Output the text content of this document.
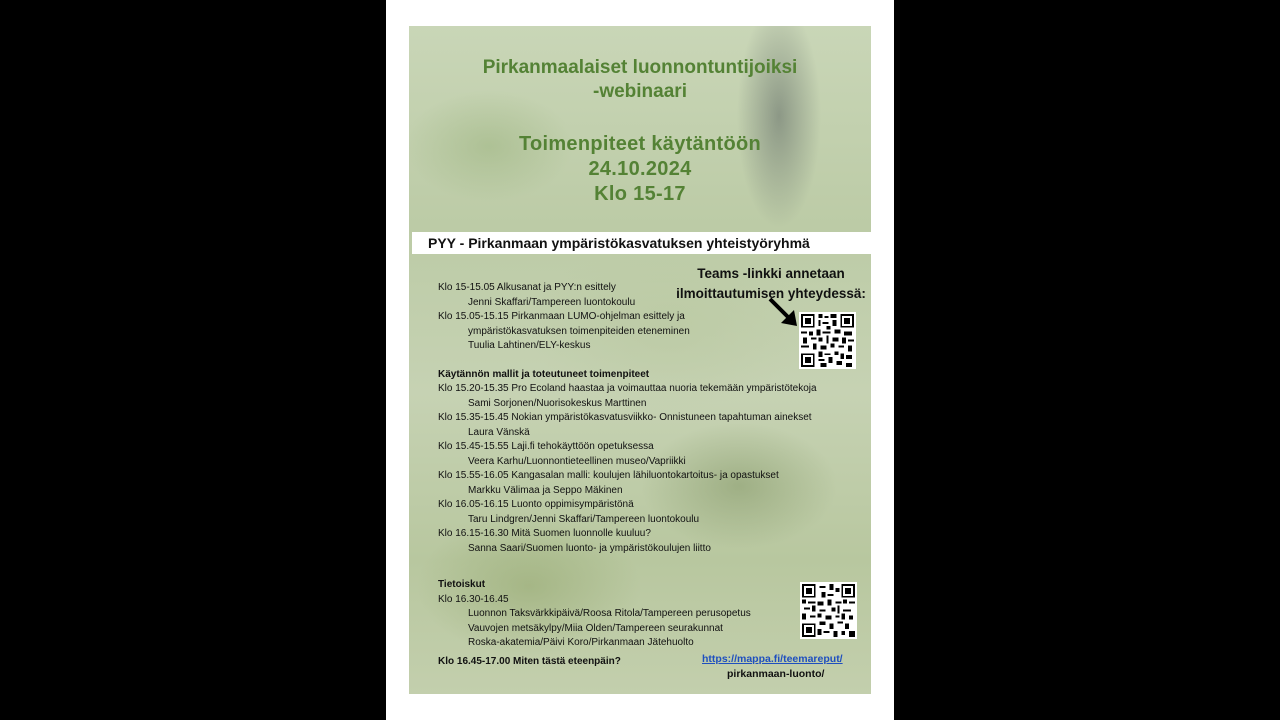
Pirkanmaalaiset luonnontuntijoiksi
-webinaari
Toimenpiteet käytäntöön
24.10.2024
Klo 15-17
PYY - Pirkanmaan ympäristökasvatuksen yhteistyöryhmä
Teams -linkki annetaan
ilmoittautumisen yhteydessä:
Klo 15-15.05 Alkusanat ja PYY:n esittely
Jenni Skaffari/Tampereen luontokoulu
Klo 15.05-15.15 Pirkanmaan LUMO-ohjelman esittely ja
ympäristökasvatuksen toimenpiteiden eteneminen
Tuulia Lahtinen/ELY-keskus
Käytännön mallit ja toteutuneet toimenpiteet
Klo 15.20-15.35 Pro Ecoland haastaa ja voimauttaa nuoria tekemään ympäristötekoja
Sami Sorjonen/Nuorisokeskus Marttinen
Klo 15.35-15.45 Nokian ympäristökasvatusviikko- Onnistuneen tapahtuman ainekset
Laura Vänskä
Klo 15.45-15.55 Laji.fi tehokäyttöön opetuksessa
Veera Karhu/Luonnontieteellinen museo/Vapriikki
Klo 15.55-16.05 Kangasalan malli: koulujen lähiluontokartoitus- ja opastukset
Markku Välimaa ja Seppo Mäkinen
Klo 16.05-16.15 Luonto oppimisympäristönä
Taru Lindgren/Jenni Skaffari/Tampereen luontokoulu
Klo 16.15-16.30 Mitä Suomen luonnolle kuuluu?
Sanna Saari/Suomen luonto- ja ympäristökoulujen liitto
Tietoiskut
Klo 16.30-16.45
Luonnon Taksvärkkipäivä/Roosa Ritola/Tampereen perusopetus
Vauvojen metsäkylpy/Miia Olden/Tampereen seurakunnat
Roska-akatemia/Päivi Koro/Pirkanmaan Jätehuolto
Klo 16.45-17.00 Miten tästä eteenpäin?	https://mappa.fi/teemareput/
pirkanmaan-luonto/
